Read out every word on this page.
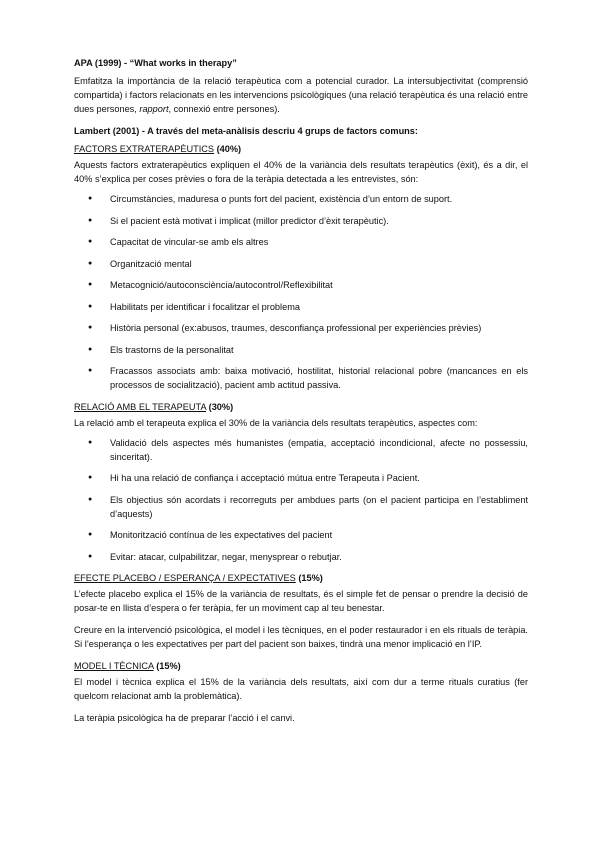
APA (1999) - “What works in therapy”

Emfatitza la importància de la relació terapèutica com a potencial curador. La intersubjectivitat (comprensió compartida) i factors relacionats en les intervencions psicològiques (una relació terapèutica és una relació entre dues persones, rapport, connexió entre persones).

Lambert (2001) - A través del meta-anàlisis descriu 4 grups de factors comuns:
FACTORS EXTRATERAPÈUTICS (40%)

Aquests factors extraterapèutics expliquen el 40% de la variància dels resultats terapèutics (èxit), és a dir, el 40% s’explica per coses prèvies o fora de la teràpia detectada a les entrevistes, són:

● Circumstàncies, maduresa o punts fort del pacient, existència d’un entorn de suport.
● Si el pacient està motivat i implicat (millor predictor d’èxit terapèutic).
● Capacitat de vincular-se amb els altres
● Organització mental
● Metacognició/autoconsciència/autocontrol/Reflexibilitat
● Habilitats per identificar i focalitzar el problema
● Història personal (ex:abusos, traumes, desconfiança professional per experiències prèvies)
● Els trastorns de la personalitat
● Fracassos associats amb: baixa motivació, hostilitat, historial relacional pobre (mancances en els processos de socialització), pacient amb actitud passiva.
RELACIÓ AMB EL TERAPEUTA (30%)

La relació amb el terapeuta explica el 30% de la variància dels resultats terapèutics, aspectes com:

● Validació dels aspectes més humanistes (empatia, acceptació incondicional, afecte no possessiu, sinceritat).
● Hi ha una relació de confiança i acceptació mútua entre Terapeuta i Pacient.
● Els objectius són acordats i recorreguts per ambdues parts (on el pacient participa en l’establiment d’aquests)
● Monitorització contínua de les expectatives del pacient
● Evitar: atacar, culpabilitzar, negar, menysprear o rebutjar.
EFECTE PLACEBO / ESPERANÇA / EXPECTATIVES (15%)

L’efecte placebo explica el 15% de la variància de resultats, és el simple fet de pensar o prendre la decisió de posar-te en llista d’espera o fer teràpia, fer un moviment cap al teu benestar.

Creure en la intervenció psicològica, el model i les tècniques, en el poder restaurador i en els rituals de teràpia. Si l’esperança o les expectatives per part del pacient son baixes, tindrà una menor implicació en l’IP.

MODEL I TÈCNICA (15%)

El model i tècnica explica el 15% de la variància dels resultats, així com dur a terme rituals curatius (fer quelcom relacionat amb la problemàtica).

La teràpia psicològica ha de preparar l’acció i el canvi.
